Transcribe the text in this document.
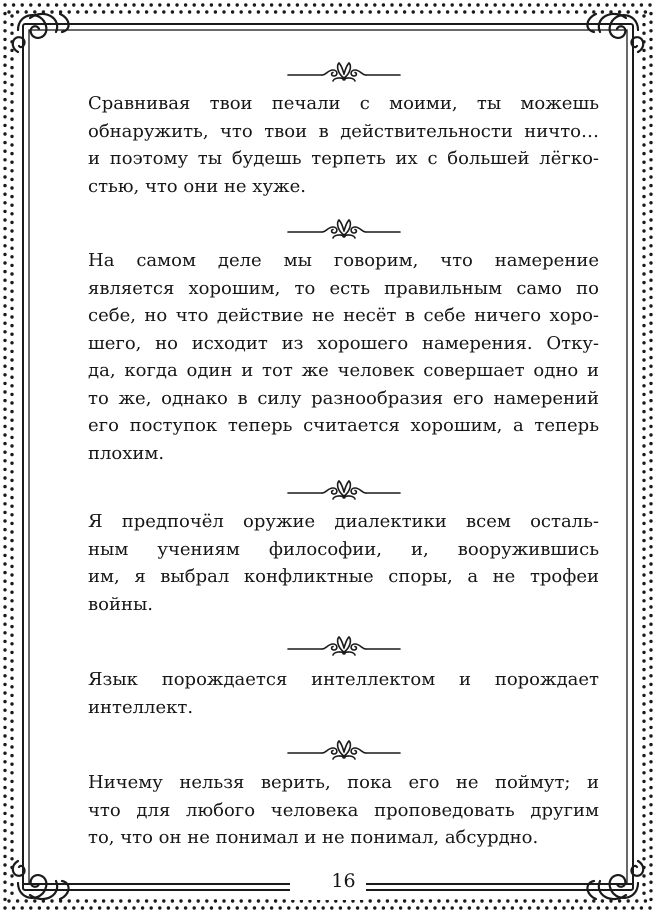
Сравнивая твои печали с моими, ты можешь
обнаружить, что твои в действительности ничто…
и поэтому ты будешь терпеть их с большей лёгко-
стью, что они не хуже.

На самом деле мы говорим, что намерение
является хорошим, то есть правильным само по
себе, но что действие не несёт в себе ничего хоро-
шего, но исходит из хорошего намерения. Отку-
да, когда один и тот же человек совершает одно и
то же, однако в силу разнообразия его намерений
его поступок теперь считается хорошим, а теперь
плохим.

Я предпочёл оружие диалектики всем осталь-
ным учениям философии, и, вооружившись
им, я выбрал конфликтные споры, а не трофеи
войны.

Язык порождается интеллектом и порождает
интеллект.

Ничему нельзя верить, пока его не поймут; и
что для любого человека проповедовать другим
то, что он не понимал и не понимал, абсурдно.

16
